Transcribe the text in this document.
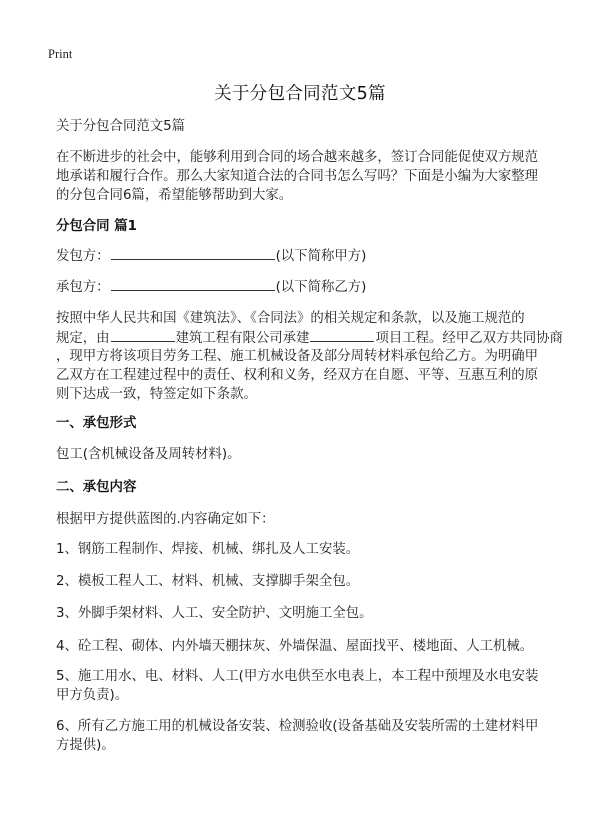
Print
关于分包合同范文5篇
关于分包合同范文5篇
在不断进步的社会中，能够利用到合同的场合越来越多，签订合同能促使双方规范
地承诺和履行合作。那么大家知道合法的合同书怎么写吗？下面是小编为大家整理
的分包合同6篇，希望能够帮助到大家。
分包合同 篇1
发包方：	(以下简称甲方)
承包方：	(以下简称乙方)
按照中华人民共和国《建筑法》、《合同法》的相关规定和条款，以及施工规范的
规定，由	建筑工程有限公司承建	项目工程。经甲乙双方共同协商
，现甲方将该项目劳务工程、施工机械设备及部分周转材料承包给乙方。为明确甲
乙双方在工程建过程中的责任、权利和义务，经双方在自愿、平等、互惠互利的原
则下达成一致，特签定如下条款。
一、承包形式
包工(含机械设备及周转材料)。
二、承包内容
根据甲方提供蓝图的.内容确定如下：
1、钢筋工程制作、焊接、机械、绑扎及人工安装。
2、模板工程人工、材料、机械、支撑脚手架全包。
3、外脚手架材料、人工、安全防护、文明施工全包。
4、砼工程、砌体、内外墙天棚抹灰、外墙保温、屋面找平、楼地面、人工机械。
5、施工用水、电、材料、人工(甲方水电供至水电表上，本工程中预埋及水电安装
甲方负责)。
6、所有乙方施工用的机械设备安装、检测验收(设备基础及安装所需的土建材料甲
方提供)。
